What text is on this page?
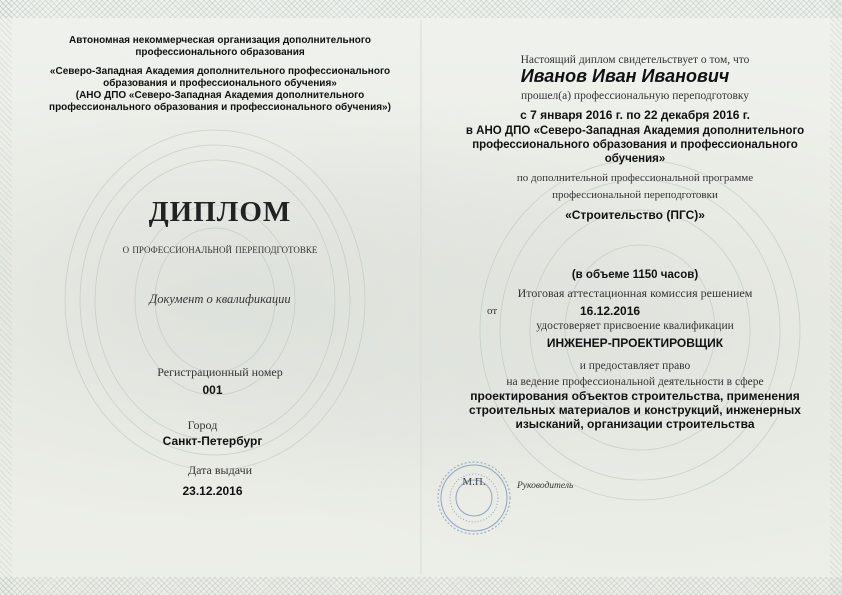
Автономная некоммерческая организация дополнительного
профессионального образования
«Северо-Западная Академия дополнительного профессионального
образования и профессионального обучения»
(АНО ДПО «Северо-Западная Академия дополнительного
профессионального образования и профессионального обучения»)
ДИПЛОМ
о профессиональной переподготовке
Документ о квалификации
Регистрационный номер
001
Город
Санкт-Петербург
Дата выдачи
23.12.2016
Настоящий диплом свидетельствует о том, что
Иванов Иван Иванович
прошел(а) профессиональную переподготовку
с 7 января 2016 г. по 22 декабря 2016 г.
в АНО ДПО «Северо-Западная Академия дополнительного
профессионального образования и профессионального
обучения»
по дополнительной профессиональной программе
профессиональной переподготовки
«Строительство (ПГС)»
(в объеме 1150 часов)
Итоговая аттестационная комиссия решением
от	16.12.2016
удостоверяет присвоение квалификации
ИНЖЕНЕР-ПРОЕКТИРОВЩИК
и предоставляет право
на ведение профессиональной деятельности в сфере
проектирования объектов строительства, применения
строительных материалов и конструкций, инженерных
изысканий, организации строительства
М.П.	Руководитель
